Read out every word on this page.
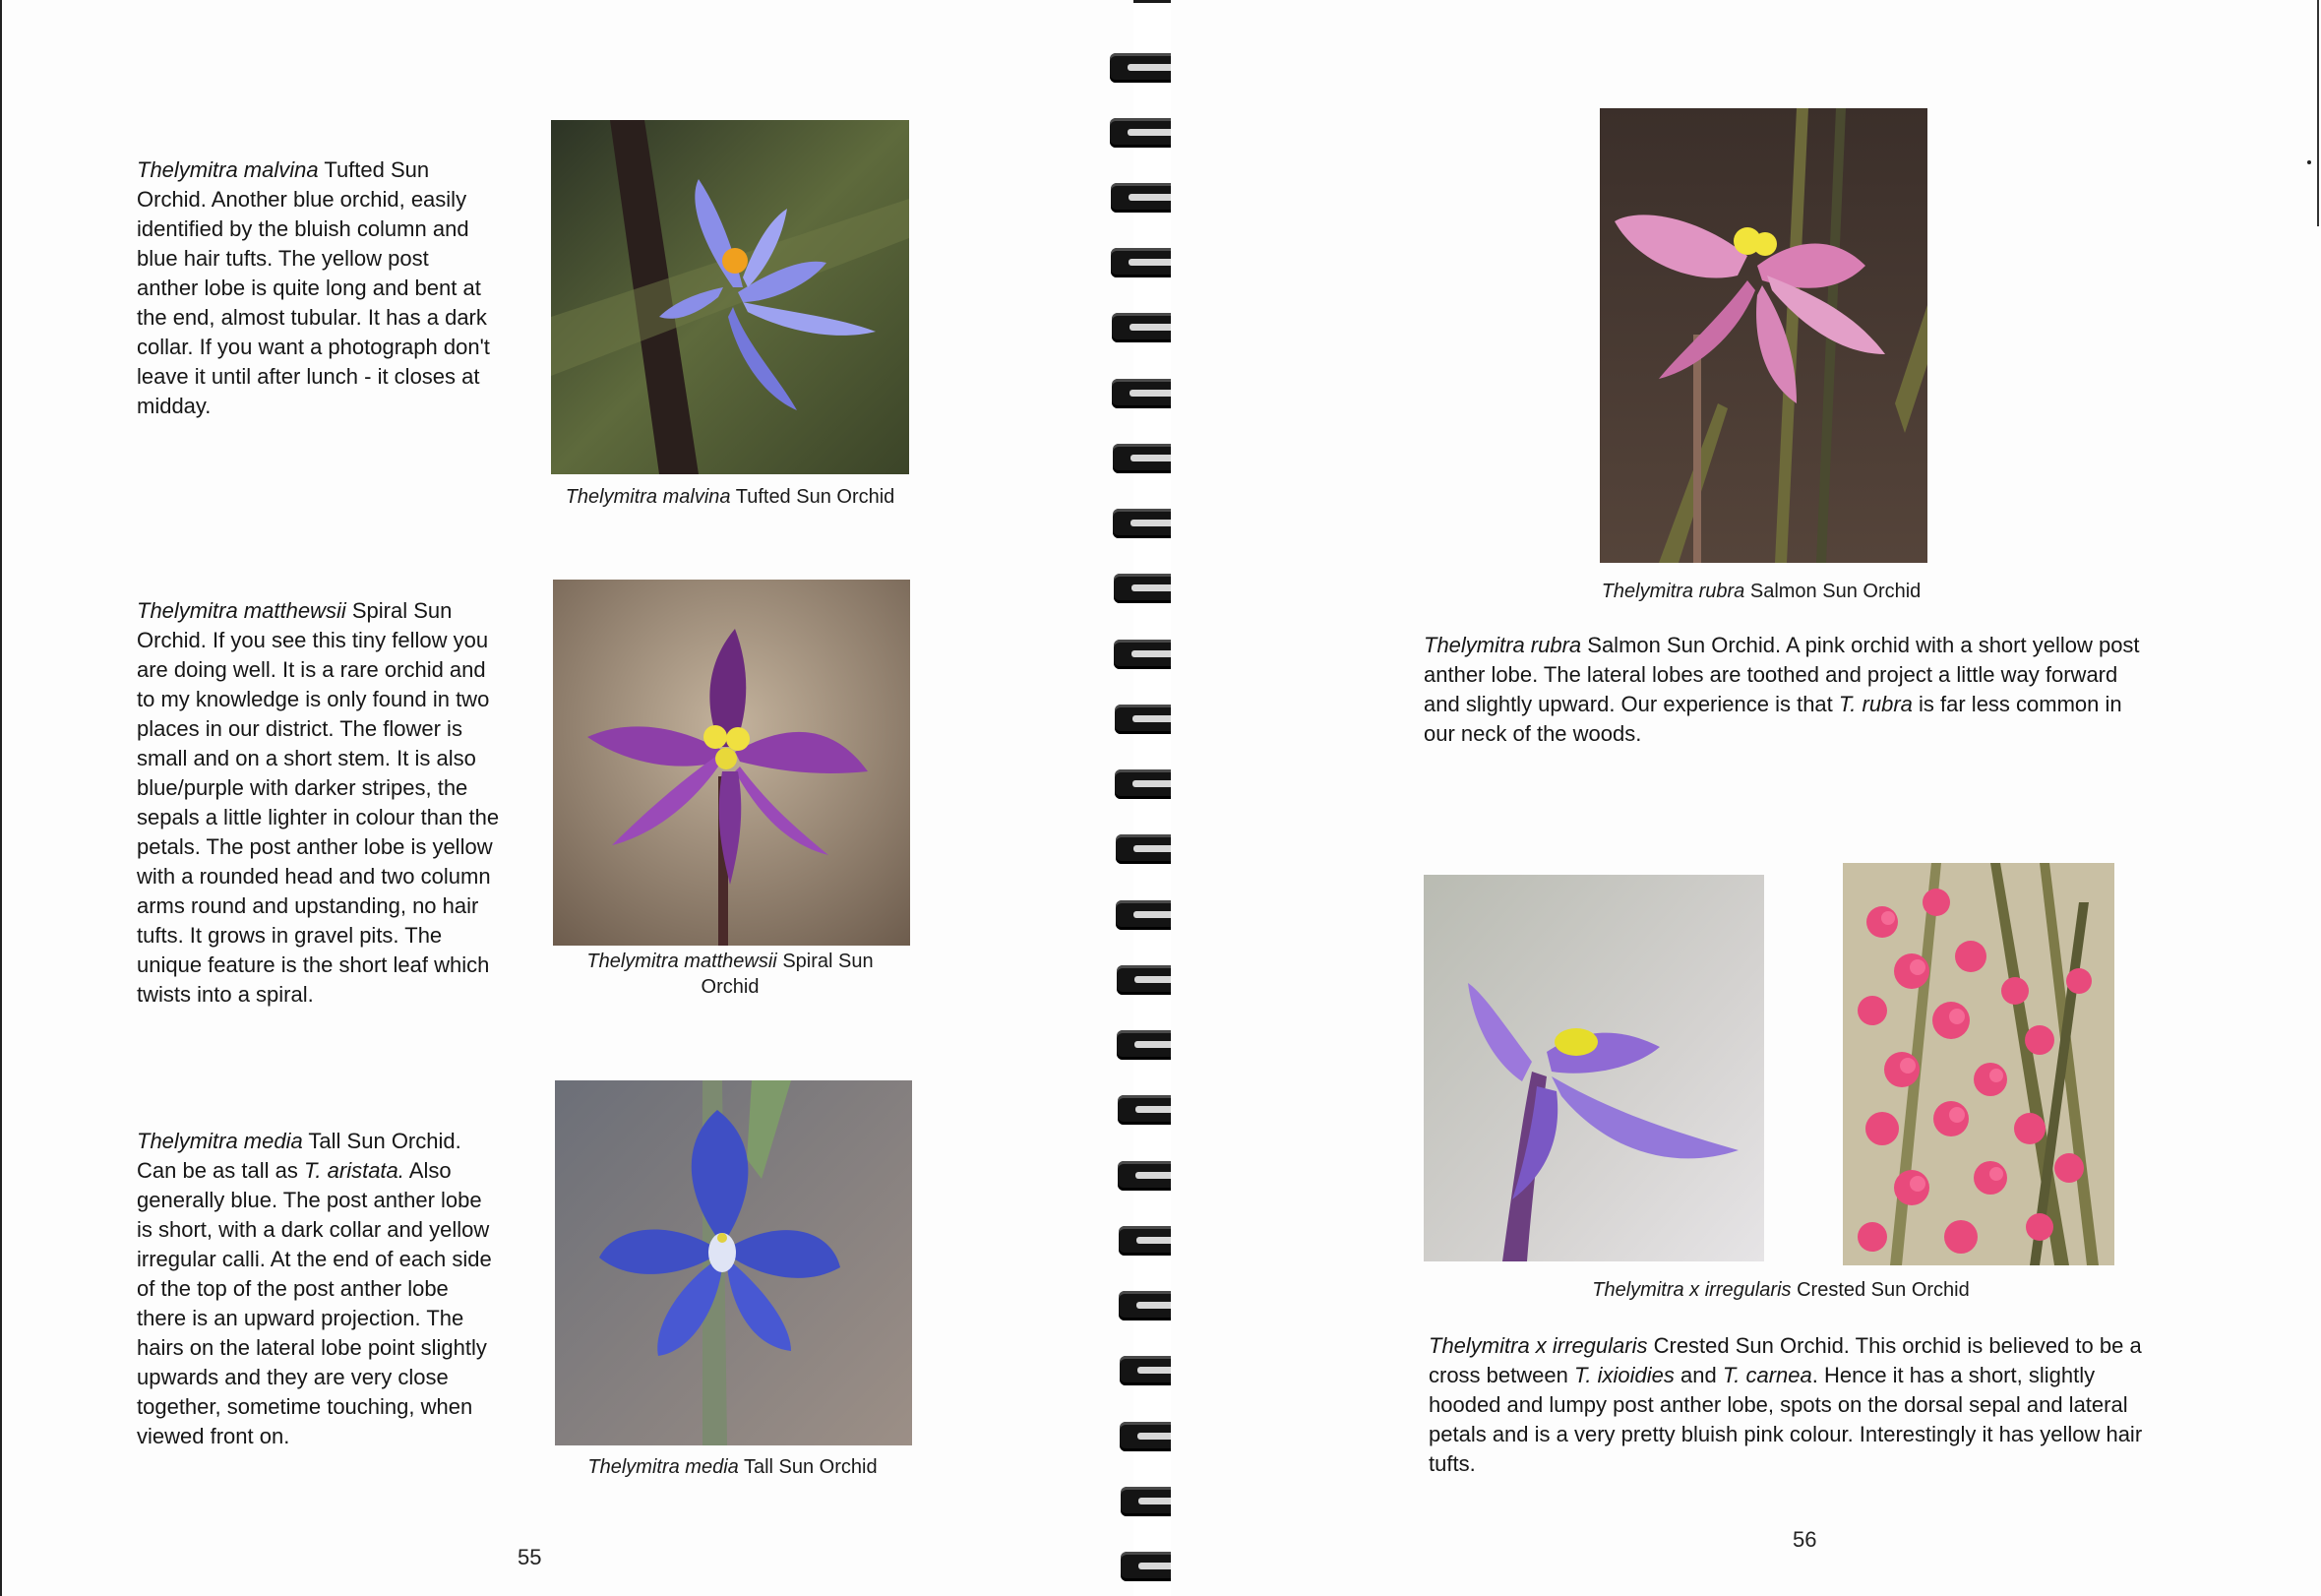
Thelymitra malvina Tufted Sun Orchid. Another blue orchid, easily identified by the bluish column and blue hair tufts. The yellow post anther lobe is quite long and bent at the end, almost tubular. It has a dark collar. If you want a photograph don't leave it until after lunch - it closes at midday.
Thelymitra malvina Tufted Sun Orchid
Thelymitra matthewsii Spiral Sun Orchid. If you see this tiny fellow you are doing well. It is a rare orchid and to my knowledge is only found in two places in our district. The flower is small and on a short stem. It is also blue/purple with darker stripes, the sepals a little lighter in colour than the petals. The post anther lobe is yellow with a rounded head and two column arms round and upstanding, no hair tufts. It grows in gravel pits. The unique feature is the short leaf which twists into a spiral.
Thelymitra matthewsii Spiral Sun Orchid
Thelymitra media Tall Sun Orchid. Can be as tall as T. aristata. Also generally blue. The post anther lobe is short, with a dark collar and yellow irregular calli. At the end of each side of the top of the post anther lobe there is an upward projection. The hairs on the lateral lobe point slightly upwards and they are very close together, sometime touching, when viewed front on.
Thelymitra media Tall Sun Orchid
55
Thelymitra rubra Salmon Sun Orchid
Thelymitra rubra Salmon Sun Orchid. A pink orchid with a short yellow post anther lobe. The lateral lobes are toothed and project a little way forward and slightly upward. Our experience is that T. rubra is far less common in our neck of the woods.
Thelymitra x irregularis Crested Sun Orchid
Thelymitra x irregularis Crested Sun Orchid. This orchid is believed to be a cross between T. ixioidies and T. carnea. Hence it has a short, slightly hooded and lumpy post anther lobe, spots on the dorsal sepal and lateral petals and is a very pretty bluish pink colour. Interestingly it has yellow hair tufts.
56
